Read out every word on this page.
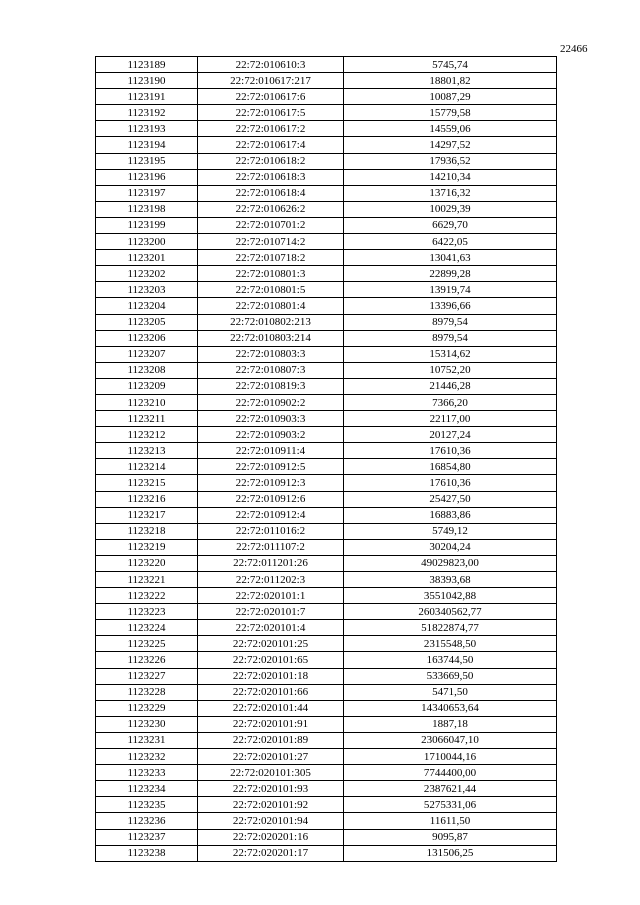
22466
1123189	22:72:010610:3	5745,74
1123190	22:72:010617:217	18801,82
1123191	22:72:010617:6	10087,29
1123192	22:72:010617:5	15779,58
1123193	22:72:010617:2	14559,06
1123194	22:72:010617:4	14297,52
1123195	22:72:010618:2	17936,52
1123196	22:72:010618:3	14210,34
1123197	22:72:010618:4	13716,32
1123198	22:72:010626:2	10029,39
1123199	22:72:010701:2	6629,70
1123200	22:72:010714:2	6422,05
1123201	22:72:010718:2	13041,63
1123202	22:72:010801:3	22899,28
1123203	22:72:010801:5	13919,74
1123204	22:72:010801:4	13396,66
1123205	22:72:010802:213	8979,54
1123206	22:72:010803:214	8979,54
1123207	22:72:010803:3	15314,62
1123208	22:72:010807:3	10752,20
1123209	22:72:010819:3	21446,28
1123210	22:72:010902:2	7366,20
1123211	22:72:010903:3	22117,00
1123212	22:72:010903:2	20127,24
1123213	22:72:010911:4	17610,36
1123214	22:72:010912:5	16854,80
1123215	22:72:010912:3	17610,36
1123216	22:72:010912:6	25427,50
1123217	22:72:010912:4	16883,86
1123218	22:72:011016:2	5749,12
1123219	22:72:011107:2	30204,24
1123220	22:72:011201:26	49029823,00
1123221	22:72:011202:3	38393,68
1123222	22:72:020101:1	3551042,88
1123223	22:72:020101:7	260340562,77
1123224	22:72:020101:4	51822874,77
1123225	22:72:020101:25	2315548,50
1123226	22:72:020101:65	163744,50
1123227	22:72:020101:18	533669,50
1123228	22:72:020101:66	5471,50
1123229	22:72:020101:44	14340653,64
1123230	22:72:020101:91	1887,18
1123231	22:72:020101:89	23066047,10
1123232	22:72:020101:27	1710044,16
1123233	22:72:020101:305	7744400,00
1123234	22:72:020101:93	2387621,44
1123235	22:72:020101:92	5275331,06
1123236	22:72:020101:94	11611,50
1123237	22:72:020201:16	9095,87
1123238	22:72:020201:17	131506,25
